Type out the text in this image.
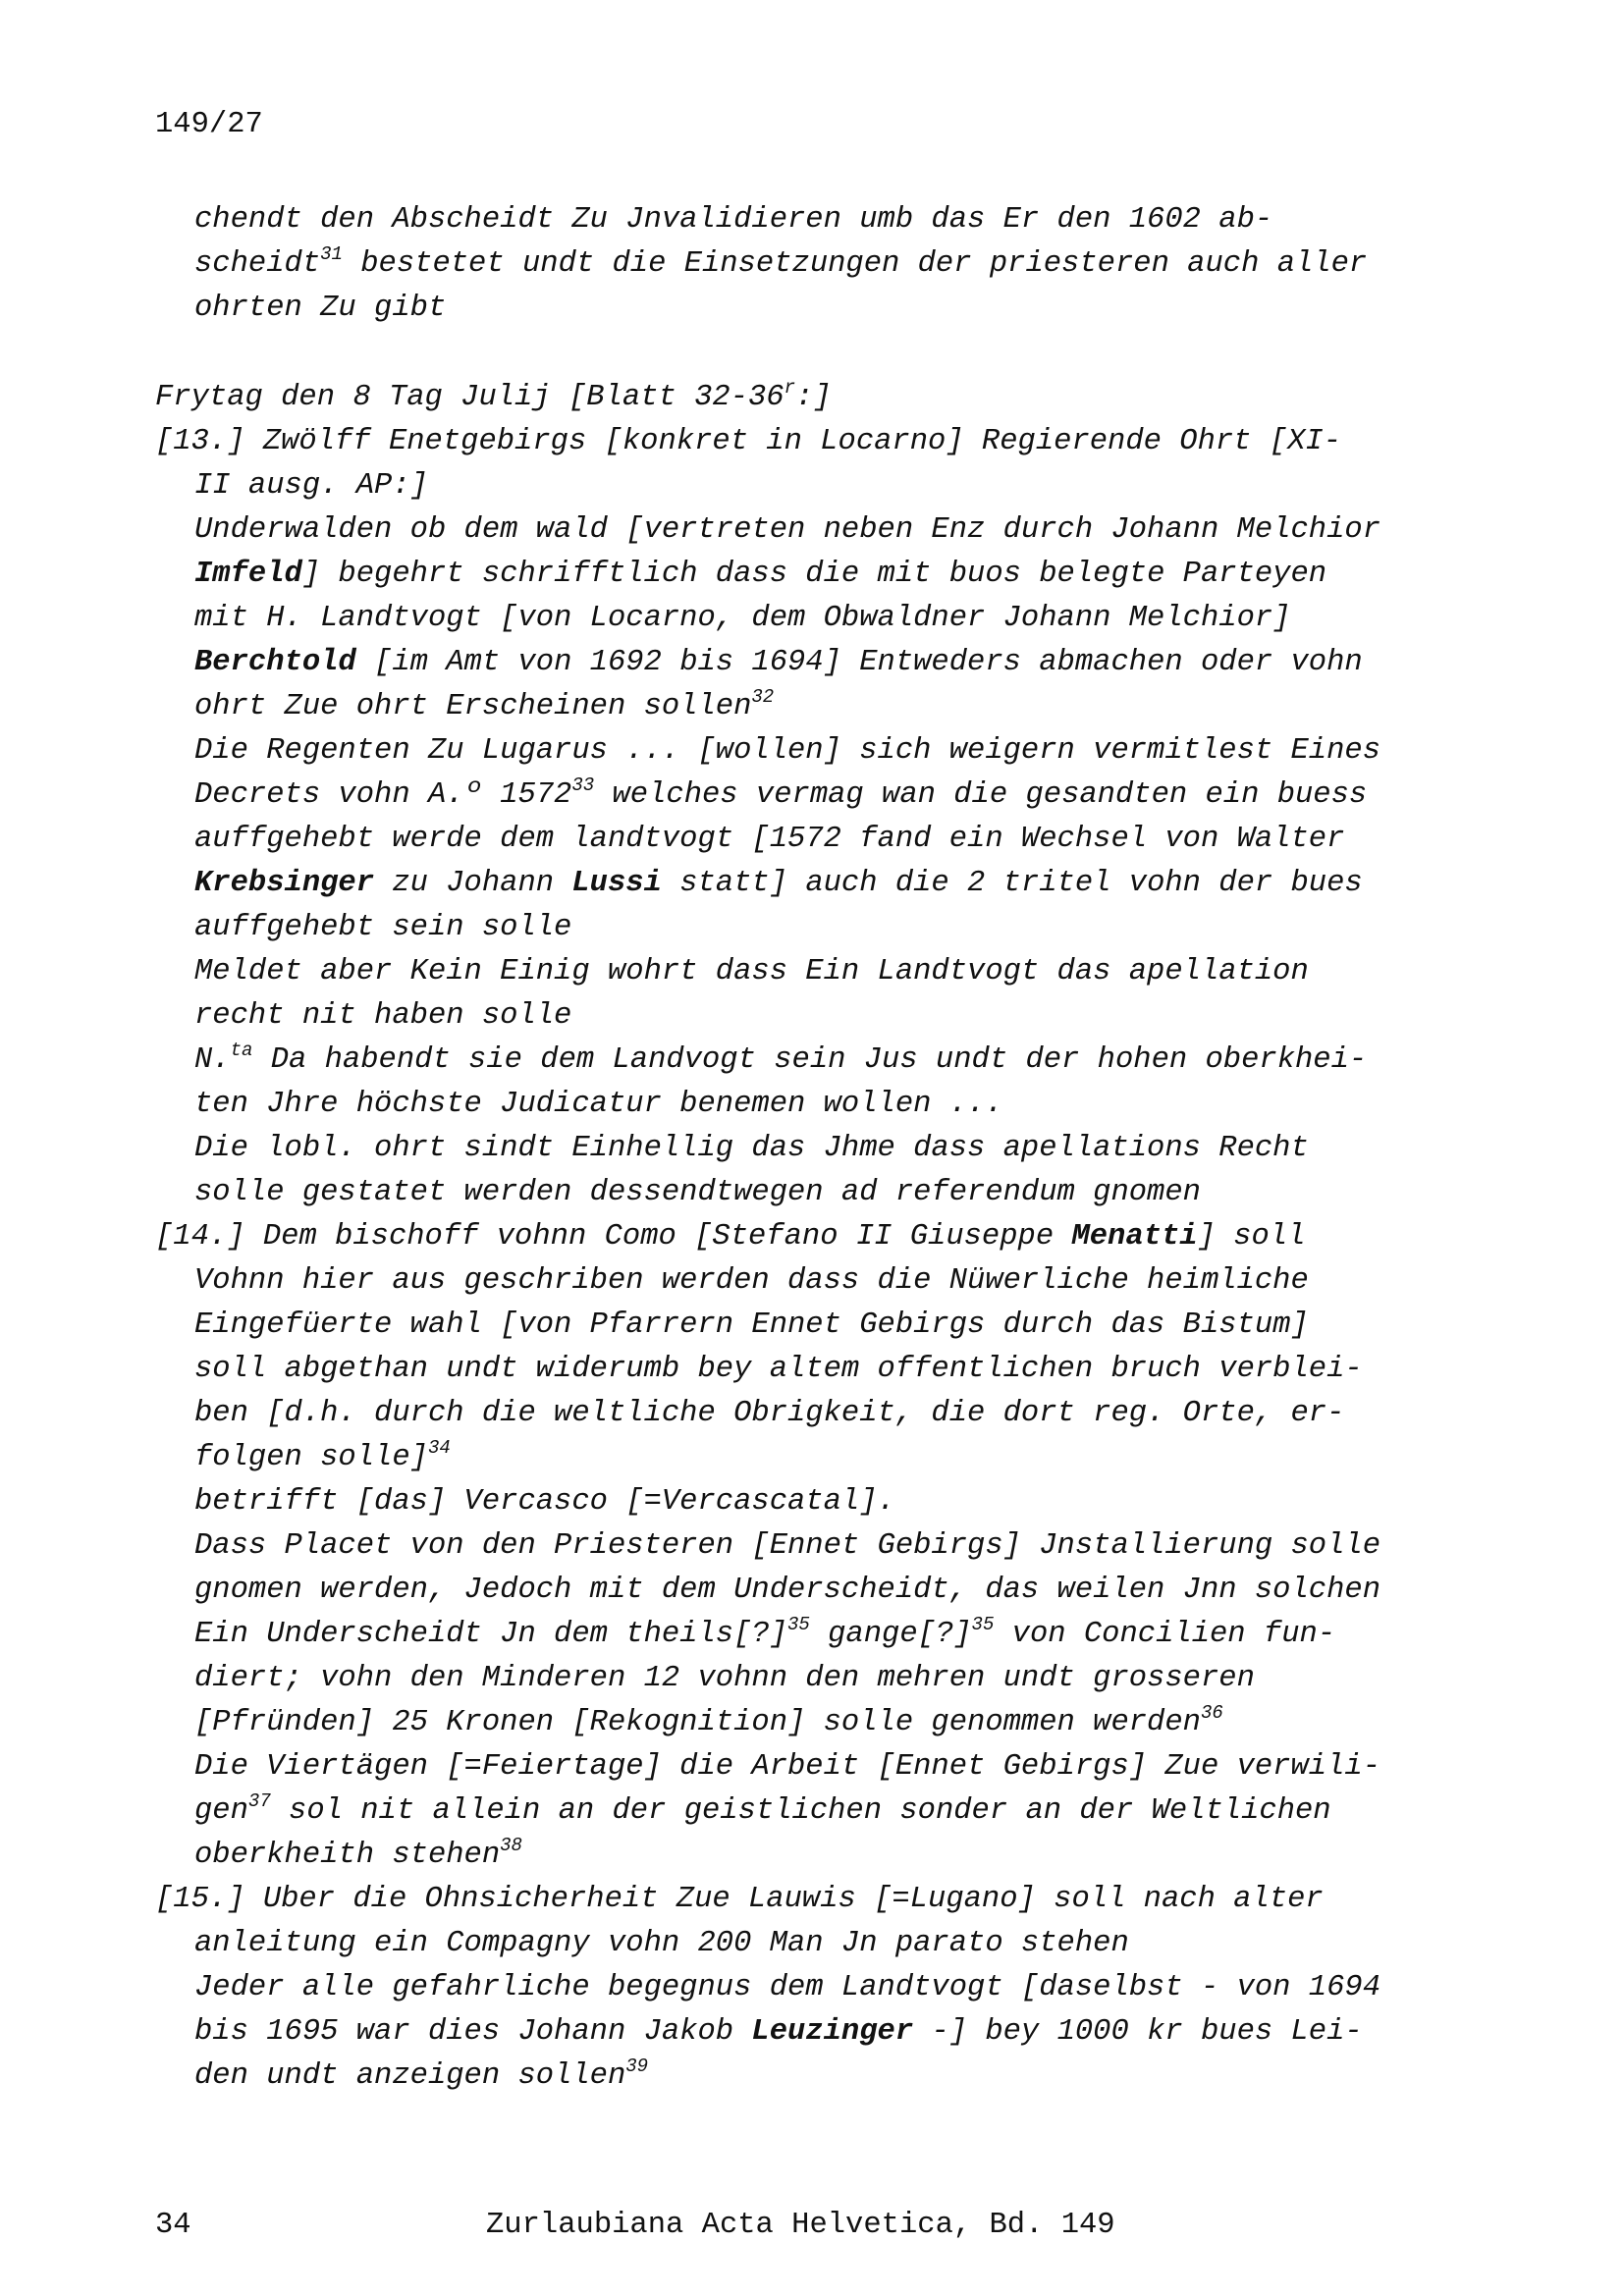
149/27
chendt den Abscheidt Zu Jnvalidieren umb das Er den 1602 ab-
scheidt$^{31}$ bestetet undt die Einsetzungen der priesteren auch aller
ohrten Zu gibt
Frytag den 8 Tag Julij [Blatt 32-36$^r$:]
[13.] Zwölff Enetgebirgs [konkret in Locarno] Regierende Ohrt [XI-
II ausg. AP:]
Underwalden ob dem wald [vertreten neben Enz durch Johann Melchior
Imfeld] begehrt schrifftlich dass die mit buos belegte Parteyen
mit H. Landtvogt [von Locarno, dem Obwaldner Johann Melchior]
Berchtold [im Amt von 1692 bis 1694] Entweders abmachen oder vohn
ohrt Zue ohrt Erscheinen sollen$^{32}$
Die Regenten Zu Lugarus ... [wollen] sich weigern vermitlest Eines
Decrets vohn A.º 1572$^{33}$ welches vermag wan die gesandten ein buess
auffgehebt werde dem landtvogt [1572 fand ein Wechsel von Walter
Krebsinger zu Johann Lussi statt] auch die 2 tritel vohn der bues
auffgehebt sein solle
Meldet aber Kein Einig wohrt dass Ein Landtvogt das apellation
recht nit haben solle
N.$^{ta}$ Da habendt sie dem Landvogt sein Jus undt der hohen oberkhei-
ten Jhre höchste Judicatur benemen wollen ...
Die lobl. ohrt sindt Einhellig das Jhme dass apellations Recht
solle gestatet werden dessendtwegen ad referendum gnomen
[14.] Dem bischoff vohnn Como [Stefano II Giuseppe Menatti] soll
Vohnn hier aus geschriben werden dass die Nüwerliche heimliche
Eingefüerte wahl [von Pfarrern Ennet Gebirgs durch das Bistum]
soll abgethan undt widerumb bey altem offentlichen bruch verblei-
ben [d.h. durch die weltliche Obrigkeit, die dort reg. Orte, er-
folgen solle]$^{34}$
betrifft [das] Vercasco [=Vercascatal].
Dass Placet von den Priesteren [Ennet Gebirgs] Jnstallierung solle
gnomen werden, Jedoch mit dem Underscheidt, das weilen Jnn solchen
Ein Underscheidt Jn dem theils[?]$^{35}$ gange[?]$^{35}$ von Concilien fun-
diert; vohn den Minderen 12 vohnn den mehren undt grosseren
[Pfründen] 25 Kronen [Rekognition] solle genommen werden$^{36}$
Die Viertägen [=Feiertage] die Arbeit [Ennet Gebirgs] Zue verwili-
gen$^{37}$ sol nit allein an der geistlichen sonder an der Weltlichen
oberkheith stehen$^{38}$
[15.] Uber die Ohnsicherheit Zue Lauwis [=Lugano] soll nach alter
anleitung ein Compagny vohn 200 Man Jn parato stehen
Jeder alle gefahrliche begegnus dem Landtvogt [daselbst - von 1694
bis 1695 war dies Johann Jakob Leuzinger -] bey 1000 kr bues Lei-
den undt anzeigen sollen$^{39}$
34	Zurlaubiana Acta Helvetica, Bd. 149
